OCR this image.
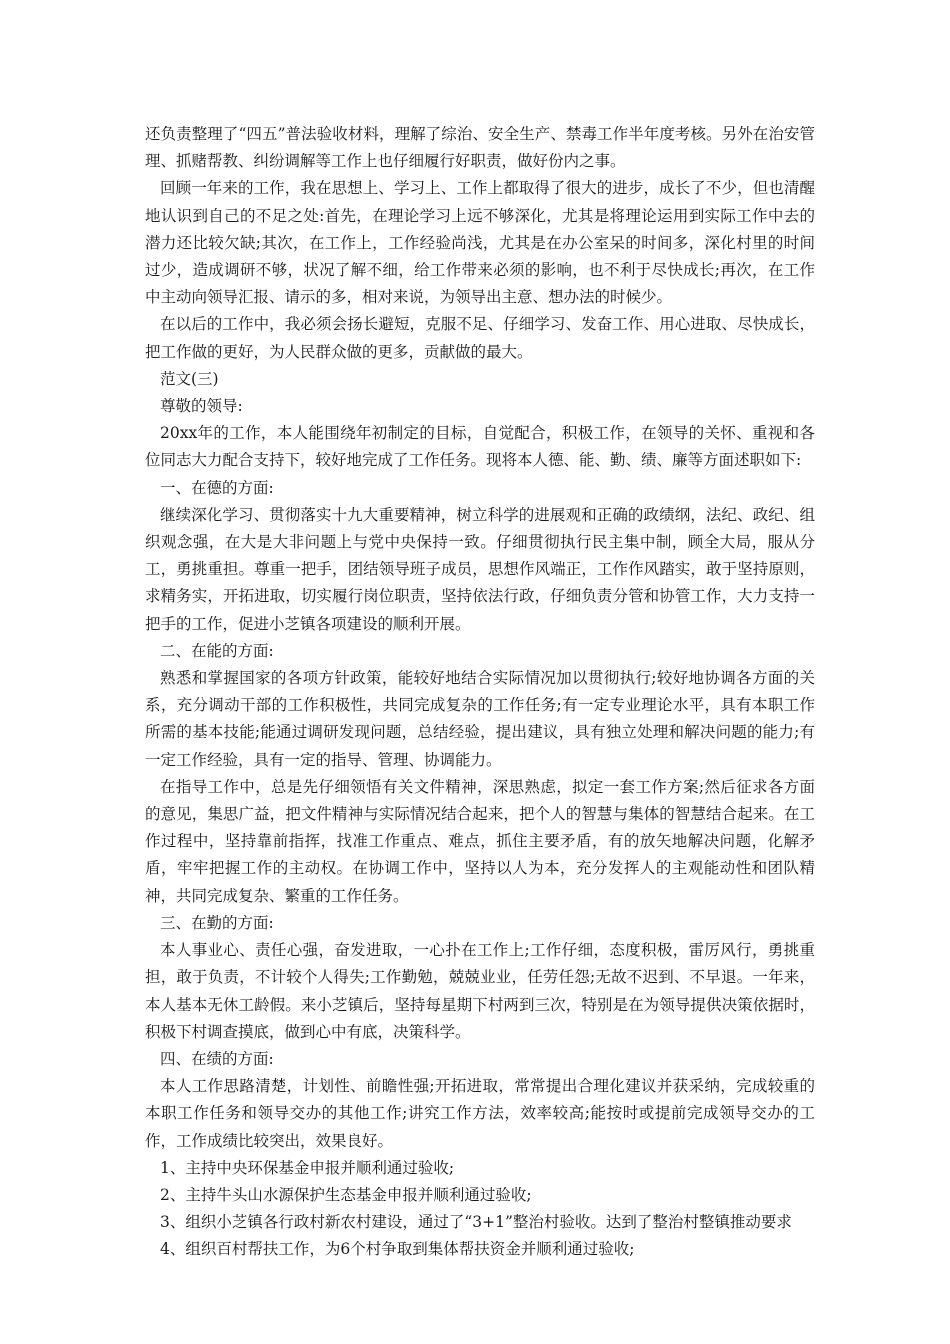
还负责整理了“四五”普法验收材料，理解了综治、安全生产、禁毒工作半年度考核。另外在治安管理、抓赌帮教、纠纷调解等工作上也仔细履行好职责，做好份内之事。

回顾一年来的工作，我在思想上、学习上、工作上都取得了很大的进步，成长了不少，但也清醒地认识到自己的不足之处:首先，在理论学习上远不够深化，尤其是将理论运用到实际工作中去的潜力还比较欠缺;其次，在工作上，工作经验尚浅，尤其是在办公室呆的时间多，深化村里的时间过少，造成调研不够，状况了解不细，给工作带来必须的影响，也不利于尽快成长;再次，在工作中主动向领导汇报、请示的多，相对来说，为领导出主意、想办法的时候少。

在以后的工作中，我必须会扬长避短，克服不足、仔细学习、发奋工作、用心进取、尽快成长，把工作做的更好，为人民群众做的更多，贡献做的最大。

范文(三)

尊敬的领导:

20xx年的工作，本人能围绕年初制定的目标，自觉配合，积极工作，在领导的关怀、重视和各位同志大力配合支持下，较好地完成了工作任务。现将本人德、能、勤、绩、廉等方面述职如下:

一、在德的方面:

继续深化学习、贯彻落实十九大重要精神，树立科学的进展观和正确的政绩纲，法纪、政纪、组织观念强，在大是大非问题上与党中央保持一致。仔细贯彻执行民主集中制，顾全大局，服从分工，勇挑重担。尊重一把手，团结领导班子成员，思想作风端正，工作作风踏实，敢于坚持原则，求精务实，开拓进取，切实履行岗位职责，坚持依法行政，仔细负责分管和协管工作，大力支持一把手的工作，促进小芝镇各项建设的顺利开展。

二、在能的方面:

熟悉和掌握国家的各项方针政策，能较好地结合实际情况加以贯彻执行;较好地协调各方面的关系，充分调动干部的工作积极性，共同完成复杂的工作任务;有一定专业理论水平，具有本职工作所需的基本技能;能通过调研发现问题，总结经验，提出建议，具有独立处理和解决问题的能力;有一定工作经验，具有一定的指导、管理、协调能力。

在指导工作中，总是先仔细领悟有关文件精神，深思熟虑，拟定一套工作方案;然后征求各方面的意见，集思广益，把文件精神与实际情况结合起来，把个人的智慧与集体的智慧结合起来。在工作过程中，坚持靠前指挥，找准工作重点、难点，抓住主要矛盾，有的放矢地解决问题，化解矛盾，牢牢把握工作的主动权。在协调工作中，坚持以人为本，充分发挥人的主观能动性和团队精神，共同完成复杂、繁重的工作任务。

三、在勤的方面:

本人事业心、责任心强，奋发进取，一心扑在工作上;工作仔细，态度积极，雷厉风行，勇挑重担，敢于负责，不计较个人得失;工作勤勉，兢兢业业，任劳任怨;无故不迟到、不早退。一年来，本人基本无休工龄假。来小芝镇后，坚持每星期下村两到三次，特别是在为领导提供决策依据时，积极下村调查摸底，做到心中有底，决策科学。

四、在绩的方面:

本人工作思路清楚，计划性、前瞻性强;开拓进取，常常提出合理化建议并获采纳，完成较重的本职工作任务和领导交办的其他工作;讲究工作方法，效率较高;能按时或提前完成领导交办的工作，工作成绩比较突出，效果良好。

1、主持中央环保基金申报并顺利通过验收;

2、主持牛头山水源保护生态基金申报并顺利通过验收;

3、组织小芝镇各行政村新农村建设，通过了“3+1”整治村验收。达到了整治村整镇推动要求

4、组织百村帮扶工作，为6个村争取到集体帮扶资金并顺利通过验收;
